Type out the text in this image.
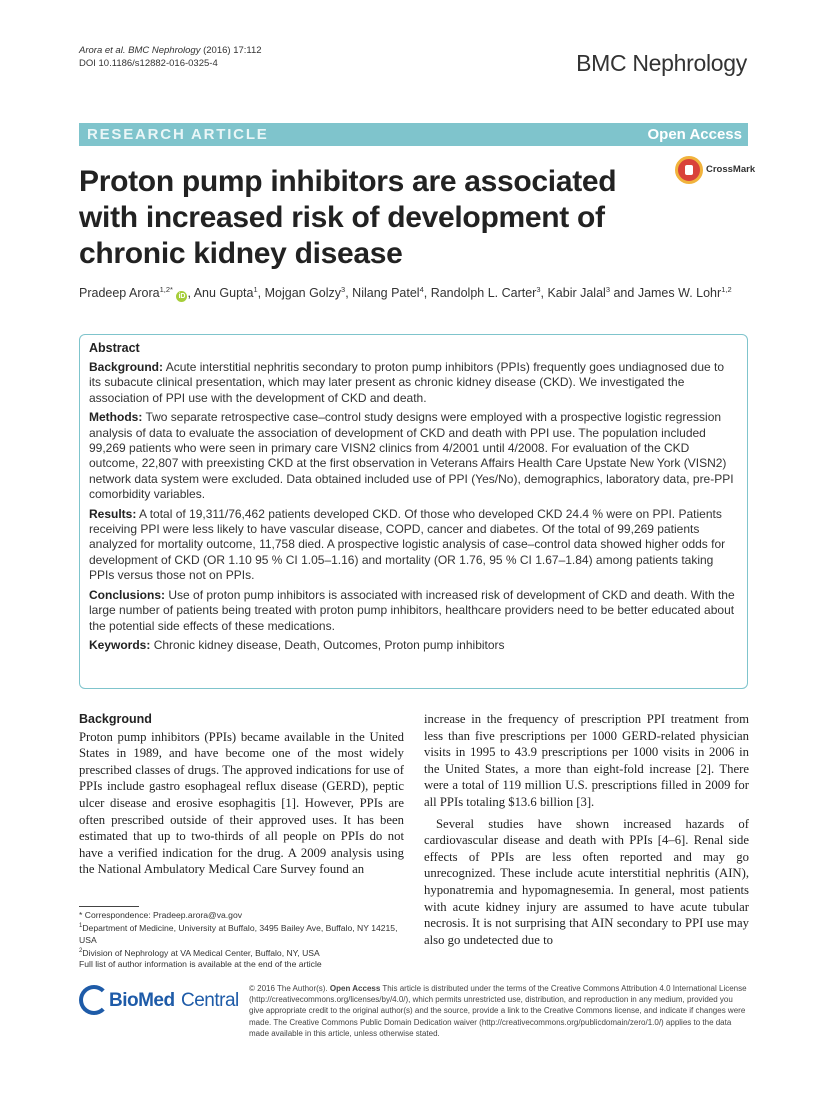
Arora et al. BMC Nephrology (2016) 17:112
DOI 10.1186/s12882-016-0325-4	BMC Nephrology
RESEARCH ARTICLE	Open Access
Proton pump inhibitors are associated with increased risk of development of chronic kidney disease
CrossMark
Pradeep Arora$^{1,2*}$ iD , Anu Gupta$^1$, Mojgan Golzy$^3$, Nilang Patel$^4$, Randolph L. Carter$^3$, Kabir Jalal$^3$ and James W. Lohr$^{1,2}$
Abstract

Background: Acute interstitial nephritis secondary to proton pump inhibitors (PPIs) frequently goes undiagnosed due to its subacute clinical presentation, which may later present as chronic kidney disease (CKD). We investigated the association of PPI use with the development of CKD and death.

Methods: Two separate retrospective case–control study designs were employed with a prospective logistic regression analysis of data to evaluate the association of development of CKD and death with PPI use. The population included 99,269 patients who were seen in primary care VISN2 clinics from 4/2001 until 4/2008. For evaluation of the CKD outcome, 22,807 with preexisting CKD at the first observation in Veterans Affairs Health Care Upstate New York (VISN2) network data system were excluded. Data obtained included use of PPI (Yes/No), demographics, laboratory data, pre-PPI comorbidity variables.

Results: A total of 19,311/76,462 patients developed CKD. Of those who developed CKD 24.4 % were on PPI. Patients receiving PPI were less likely to have vascular disease, COPD, cancer and diabetes. Of the total of 99,269 patients analyzed for mortality outcome, 11,758 died. A prospective logistic analysis of case–control data showed higher odds for development of CKD (OR 1.10 95 % CI 1.05–1.16) and mortality (OR 1.76, 95 % CI 1.67–1.84) among patients taking PPIs versus those not on PPIs.

Conclusions: Use of proton pump inhibitors is associated with increased risk of development of CKD and death. With the large number of patients being treated with proton pump inhibitors, healthcare providers need to be better educated about the potential side effects of these medications.

Keywords: Chronic kidney disease, Death, Outcomes, Proton pump inhibitors

Background

Proton pump inhibitors (PPIs) became available in the United States in 1989, and have become one of the most widely prescribed classes of drugs. The approved indications for use of PPIs include gastro esophageal reflux disease (GERD), peptic ulcer disease and erosive esophagitis [1]. However, PPIs are often prescribed outside of their approved uses. It has been estimated that up to two-thirds of all people on PPIs do not have a verified indication for the drug. A 2009 analysis using the National Ambulatory Medical Care Survey found an

increase in the frequency of prescription PPI treatment from less than five prescriptions per 1000 GERD-related physician visits in 1995 to 43.9 prescriptions per 1000 visits in 2006 in the United States, a more than eight-fold increase [2]. There were a total of 119 million U.S. prescriptions filled in 2009 for all PPIs totaling $13.6 billion [3].

Several studies have shown increased hazards of cardiovascular disease and death with PPIs [4–6]. Renal side effects of PPIs are less often reported and may go unrecognized. These include acute interstitial nephritis (AIN), hyponatremia and hypomagnesemia. In general, most patients with acute kidney injury are assumed to have acute tubular necrosis. It is not surprising that AIN secondary to PPI use may also go undetected due to

* Correspondence: Pradeep.arora@va.gov
$^1$Department of Medicine, University at Buffalo, 3495 Bailey Ave, Buffalo, NY 14215, USA
$^2$Division of Nephrology at VA Medical Center, Buffalo, NY, USA
Full list of author information is available at the end of the article
BioMed Central
© 2016 The Author(s). Open Access This article is distributed under the terms of the Creative Commons Attribution 4.0 International License (http://creativecommons.org/licenses/by/4.0/), which permits unrestricted use, distribution, and reproduction in any medium, provided you give appropriate credit to the original author(s) and the source, provide a link to the Creative Commons license, and indicate if changes were made. The Creative Commons Public Domain Dedication waiver (http://creativecommons.org/publicdomain/zero/1.0/) applies to the data made available in this article, unless otherwise stated.
